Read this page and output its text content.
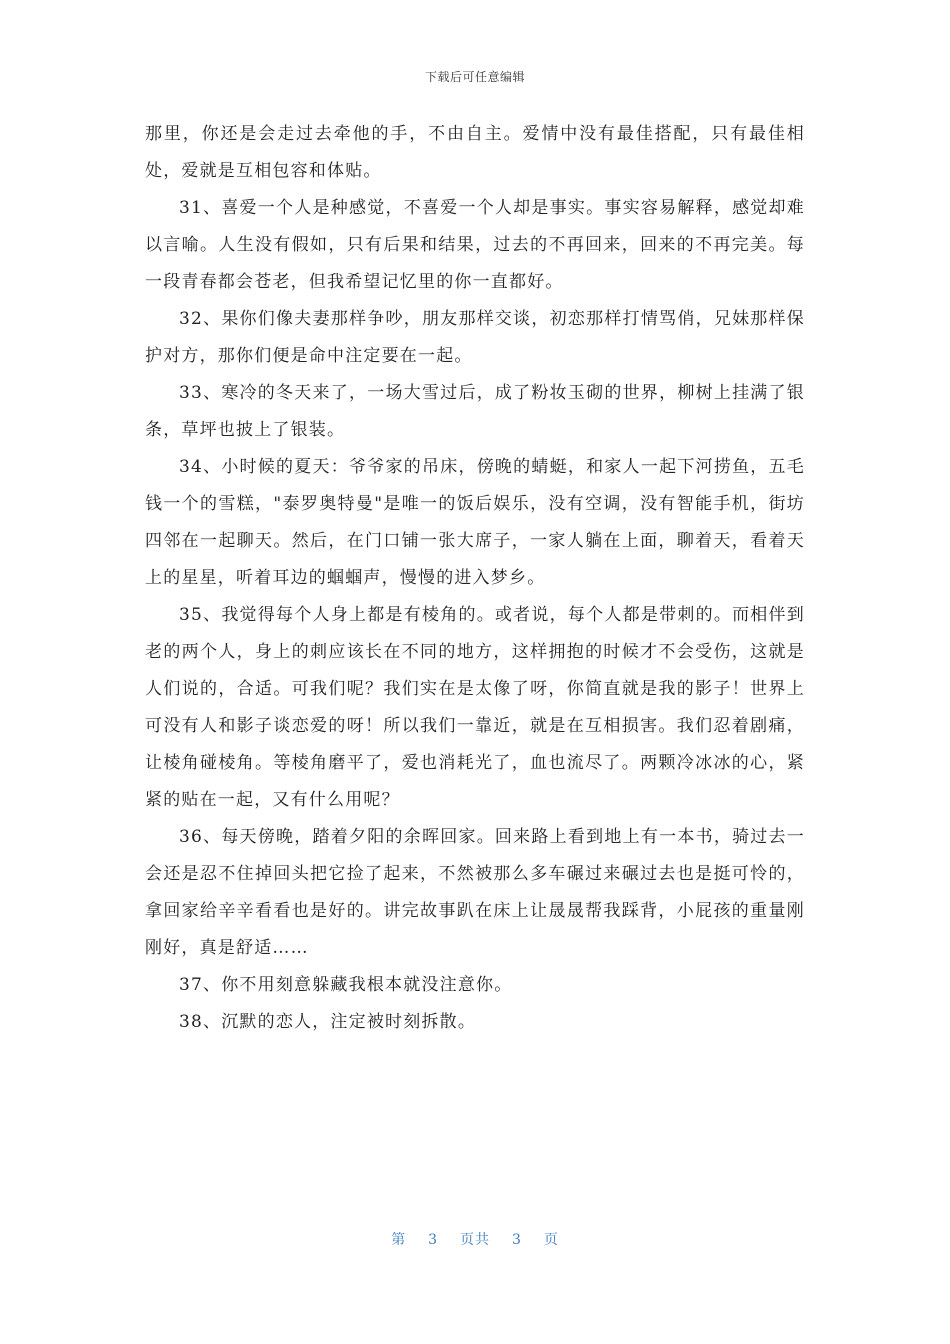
下载后可任意编辑

那里，你还是会走过去牵他的手，不由自主。爱情中没有最佳搭配，只有最佳相处，爱就是互相包容和体贴。

31、喜爱一个人是种感觉，不喜爱一个人却是事实。事实容易解释，感觉却难以言喻。人生没有假如，只有后果和结果，过去的不再回来，回来的不再完美。每一段青春都会苍老，但我希望记忆里的你一直都好。

32、果你们像夫妻那样争吵，朋友那样交谈，初恋那样打情骂俏，兄妹那样保护对方，那你们便是命中注定要在一起。

33、寒冷的冬天来了，一场大雪过后，成了粉妆玉砌的世界，柳树上挂满了银条，草坪也披上了银装。

34、小时候的夏天：爷爷家的吊床，傍晚的蜻蜓，和家人一起下河捞鱼，五毛钱一个的雪糕，"泰罗奥特曼"是唯一的饭后娱乐，没有空调，没有智能手机，街坊四邻在一起聊天。然后，在门口铺一张大席子，一家人躺在上面，聊着天，看着天上的星星，听着耳边的蝈蝈声，慢慢的进入梦乡。

35、我觉得每个人身上都是有棱角的。或者说，每个人都是带刺的。而相伴到老的两个人，身上的刺应该长在不同的地方，这样拥抱的时候才不会受伤，这就是人们说的，合适。可我们呢？我们实在是太像了呀，你简直就是我的影子！世界上可没有人和影子谈恋爱的呀！所以我们一靠近，就是在互相损害。我们忍着剧痛，让棱角碰棱角。等棱角磨平了，爱也消耗光了，血也流尽了。两颗冷冰冰的心，紧紧的贴在一起，又有什么用呢？

36、每天傍晚，踏着夕阳的余晖回家。回来路上看到地上有一本书，骑过去一会还是忍不住掉回头把它捡了起来，不然被那么多车碾过来碾过去也是挺可怜的，拿回家给辛辛看看也是好的。讲完故事趴在床上让晟晟帮我踩背，小屁孩的重量刚刚好，真是舒适……

37、你不用刻意躲藏我根本就没注意你。

38、沉默的恋人，注定被时刻拆散。

第 3 页共 3 页
